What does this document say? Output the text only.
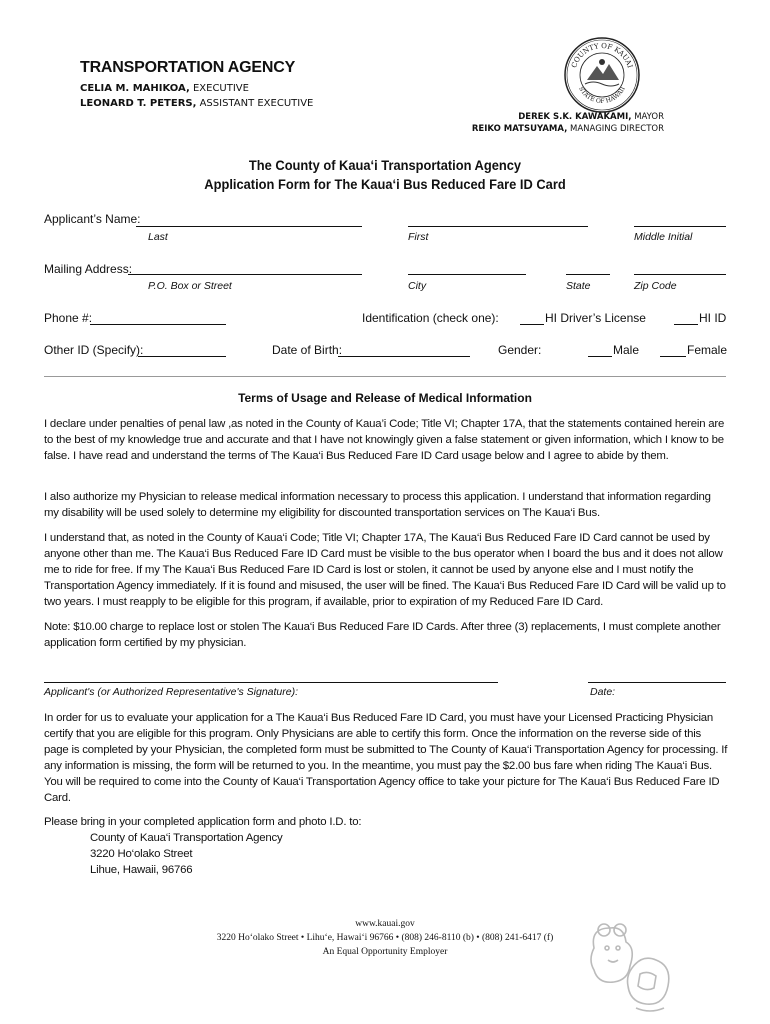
TRANSPORTATION AGENCY
CELIA M. MAHIKOA, EXECUTIVE
LEONARD T. PETERS, ASSISTANT EXECUTIVE
COUNTY OF KAUAI
STATE OF HAWAII
DEREK S.K. KAWAKAMI, MAYOR
REIKO MATSUYAMA, MANAGING DIRECTOR
The County of Kaua‘i Transportation Agency
Application Form for The Kaua‘i Bus Reduced Fare ID Card
Applicant’s Name:
Last	First	Middle Initial
Mailing Address:
P.O. Box or Street	City	State	Zip Code
Phone #:	Identification (check one):	HI Driver’s License	HI ID
Other ID (Specify):	Date of Birth:	Gender:	Male	Female
Terms of Usage and Release of Medical Information
I declare under penalties of penal law ,as noted in the County of Kaua’i Code; Title VI; Chapter 17A, that the statements contained herein are to the best of my knowledge true and accurate and that I have not knowingly given a false statement or given information, which I know to be false. I have read and understand the terms of The Kaua‘i Bus Reduced Fare ID Card usage below and I agree to abide by them.
I also authorize my Physician to release medical information necessary to process this application. I understand that information regarding my disability will be used solely to determine my eligibility for discounted transportation services on The Kaua‘i Bus.
I understand that, as noted in the County of Kaua‘i Code; Title VI; Chapter 17A, The Kaua‘i Bus Reduced Fare ID Card cannot be used by anyone other than me. The Kaua‘i Bus Reduced Fare ID Card must be visible to the bus operator when I board the bus and it does not allow me to ride for free. If my The Kaua‘i Bus Reduced Fare ID Card is lost or stolen, it cannot be used by anyone else and I must notify the Transportation Agency immediately. If it is found and misused, the user will be fined. The Kaua‘i Bus Reduced Fare ID Card will be valid up to two years. I must reapply to be eligible for this program, if available, prior to expiration of my Reduced Fare ID Card.
Note: $10.00 charge to replace lost or stolen The Kaua‘i Bus Reduced Fare ID Cards. After three (3) replacements, I must complete another application form certified by my physician.
Applicant's (or Authorized Representative's Signature):	Date:
In order for us to evaluate your application for a The Kaua‘i Bus Reduced Fare ID Card, you must have your Licensed Practicing Physician certify that you are eligible for this program. Only Physicians are able to certify this form. Once the information on the reverse side of this page is completed by your Physician, the completed form must be submitted to The County of Kaua‘i Transportation Agency for processing. If any information is missing, the form will be returned to you. In the meantime, you must pay the $2.00 bus fare when riding The Kaua‘i Bus. You will be required to come into the County of Kaua‘i Transportation Agency office to take your picture for The Kaua‘i Bus Reduced Fare ID Card.
Please bring in your completed application form and photo I.D. to:
County of Kaua‘i Transportation Agency
3220 Ho‘olako Street
Lihue, Hawaii, 96766
www.kauai.gov
3220 Ho‘olako Street • Lihu‘e, Hawai‘i 96766 • (808) 246-8110 (b) • (808) 241-6417 (f)
An Equal Opportunity Employer
